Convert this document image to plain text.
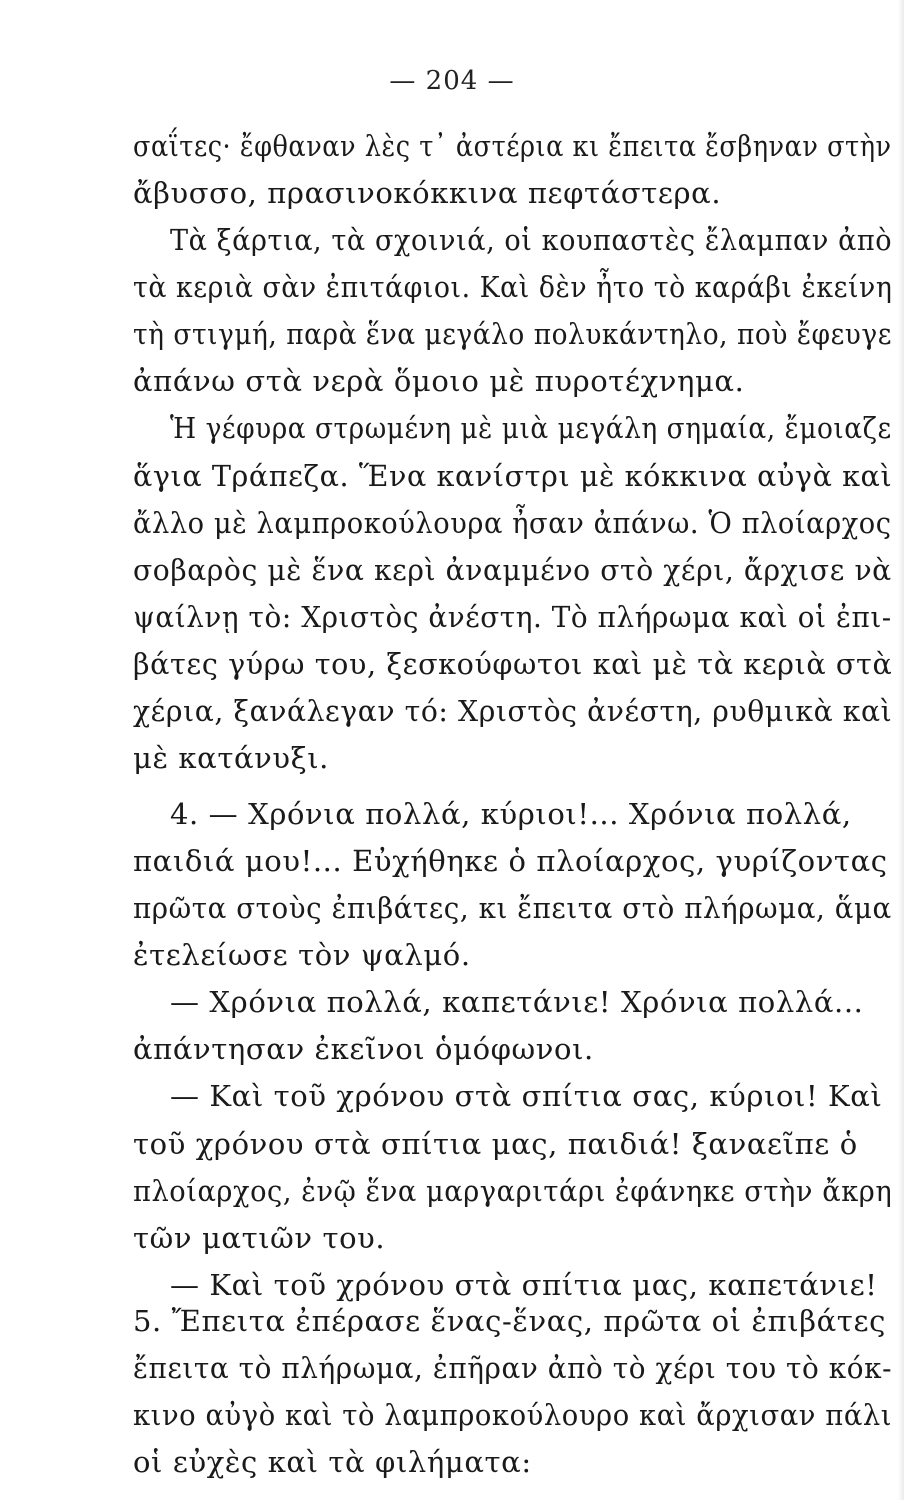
— 204 —
σαΐτες· ἔφθαναν λὲς τ᾽ ἀστέρια κι ἔπειτα ἔσβηναν στὴν
ἄβυσσο, πρασινοκόκκινα πεφτάστερα.
Τὰ ξάρτια, τὰ σχοινιά, οἱ κουπαστὲς ἔλαμπαν ἀπὸ
τὰ κεριὰ σὰν ἐπιτάφιοι. Καὶ δὲν ἦτο τὸ καράβι ἐκείνη
τὴ στιγμή, παρὰ ἕνα μεγάλο πολυκάντηλο, ποὺ ἔφευγε
ἀπάνω στὰ νερὰ ὅμοιο μὲ πυροτέχνημα.
Ἡ γέφυρα στρωμένη μὲ μιὰ μεγάλη σημαία, ἔμοιαζε
ἅγια Τράπεζα. Ἕνα κανίστρι μὲ κόκκινα αὐγὰ καὶ
ἄλλο μὲ λαμπροκούλουρα ἦσαν ἀπάνω. Ὁ πλοίαρχος
σοβαρὸς μὲ ἕνα κερὶ ἀναμμένο στὸ χέρι, ἄρχισε νὰ
ψαίλνῃ τὸ: Χριστὸς ἀνέστη. Τὸ πλήρωμα καὶ οἱ ἐπι-
βάτες γύρω του, ξεσκούφωτοι καὶ μὲ τὰ κεριὰ στὰ
χέρια, ξανάλεγαν τό: Χριστὸς ἀνέστη, ρυθμικὰ καὶ
μὲ κατάνυξι.
4. — Χρόνια πολλά, κύριοι!... Χρόνια πολλά,
παιδιά μου!... Εὐχήθηκε ὁ πλοίαρχος, γυρίζοντας
πρῶτα στοὺς ἐπιβάτες, κι ἔπειτα στὸ πλήρωμα, ἅμα
ἐτελείωσε τὸν ψαλμό.
— Χρόνια πολλά, καπετάνιε! Χρόνια πολλά...
ἀπάντησαν ἐκεῖνοι ὁμόφωνοι.
— Καὶ τοῦ χρόνου στὰ σπίτια σας, κύριοι! Καὶ
τοῦ χρόνου στὰ σπίτια μας, παιδιά! ξαναεῖπε ὁ
πλοίαρχος, ἐνῷ ἕνα μαργαριτάρι ἐφάνηκε στὴν ἄκρη
τῶν ματιῶν του.
— Καὶ τοῦ χρόνου στὰ σπίτια μας, καπετάνιε!
5. Ἔπειτα ἐπέρασε ἕνας-ἕνας, πρῶτα οἱ ἐπιβάτες
ἔπειτα τὸ πλήρωμα, ἐπῆραν ἀπὸ τὸ χέρι του τὸ κόκ-
κινο αὐγὸ καὶ τὸ λαμπροκούλουρο καὶ ἄρχισαν πάλι
οἱ εὐχὲς καὶ τὰ φιλήματα:
